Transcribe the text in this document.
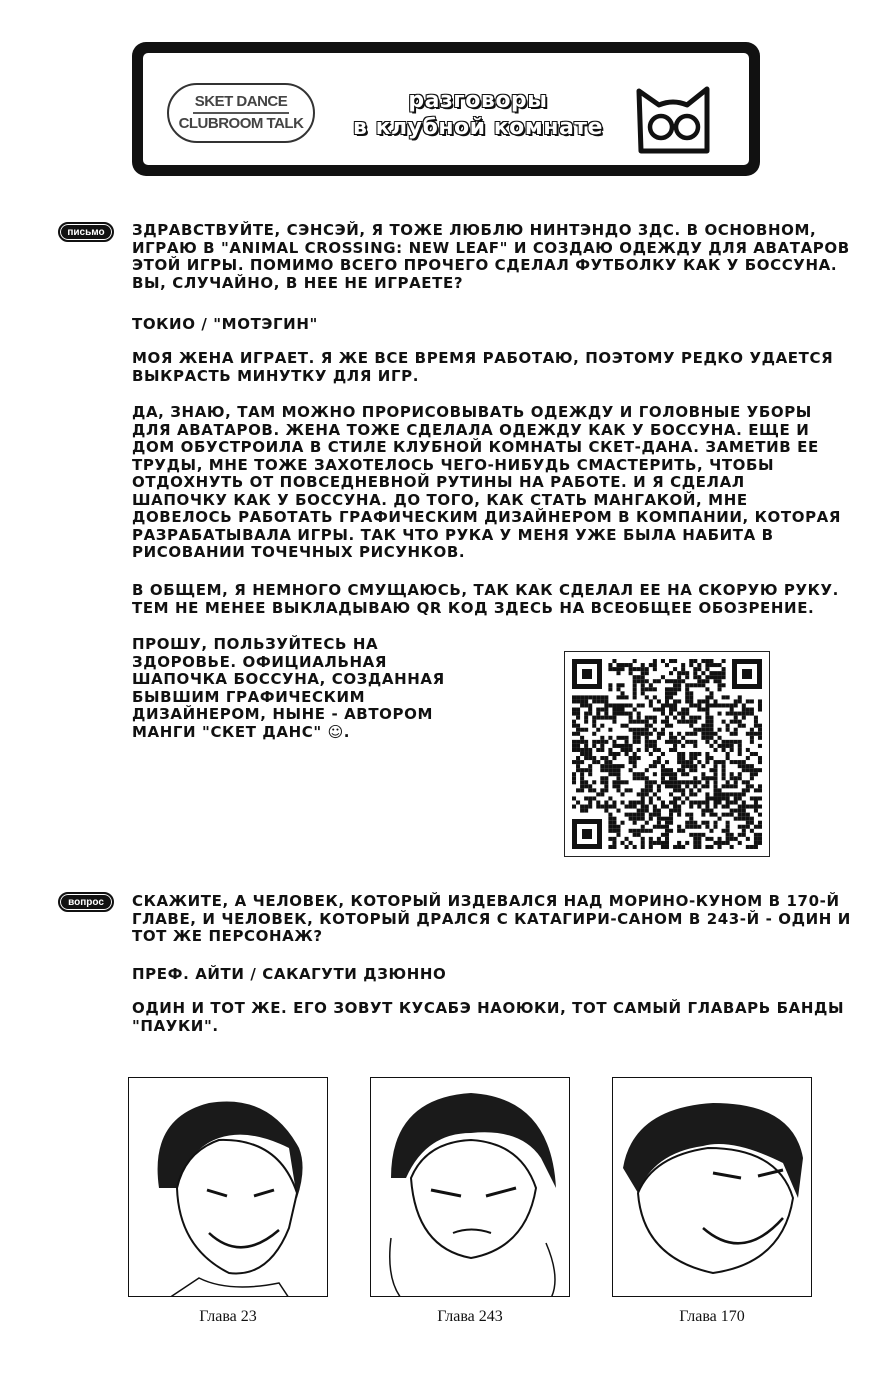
SKET DANCE
CLUBROOM TALK
разговоры
в клубной комнате
письмо	ЗДРАВСТВУЙТЕ, СЭНСЭЙ, Я ТОЖЕ ЛЮБЛЮ НИНТЭНДО 3ДС. В ОСНОВНОМ, ИГРАЮ В "ANIMAL CROSSING: NEW LEAF" И СОЗДАЮ ОДЕЖДУ ДЛЯ АВАТАРОВ ЭТОЙ ИГРЫ. ПОМИМО ВСЕГО ПРОЧЕГО СДЕЛАЛ ФУТБОЛКУ КАК У БОССУНА. ВЫ, СЛУЧАЙНО, В НЕЕ НЕ ИГРАЕТЕ?

ТОКИО / "МОТЭГИН"

МОЯ ЖЕНА ИГРАЕТ. Я ЖЕ ВСЕ ВРЕМЯ РАБОТАЮ, ПОЭТОМУ РЕДКО УДАЕТСЯ ВЫКРАСТЬ МИНУТКУ ДЛЯ ИГР.

ДА, ЗНАЮ, ТАМ МОЖНО ПРОРИСОВЫВАТЬ ОДЕЖДУ И ГОЛОВНЫЕ УБОРЫ ДЛЯ АВАТАРОВ. ЖЕНА ТОЖЕ СДЕЛАЛА ОДЕЖДУ КАК У БОССУНА. ЕЩЕ И ДОМ ОБУСТРОИЛА В СТИЛЕ КЛУБНОЙ КОМНАТЫ СКЕТ-ДАНA. ЗАМЕТИВ ЕЕ ТРУДЫ, МНЕ ТОЖЕ ЗАХОТЕЛОСЬ ЧЕГО-НИБУДЬ СМАСТЕРИТЬ, ЧТОБЫ ОТДОХНУТЬ ОТ ПОВСЕДНЕВНОЙ РУТИНЫ НА РАБОТЕ. И Я СДЕЛАЛ ШАПОЧКУ КАК У БОССУНА. ДО ТОГО, КАК СТАТЬ МАНГАКОЙ, МНЕ ДОВЕЛОСЬ РАБОТАТЬ ГРАФИЧЕСКИМ ДИЗАЙНЕРОМ В КОМПАНИИ, КОТОРАЯ РАЗРАБАТЫВАЛА ИГРЫ. ТАК ЧТО РУКА У МЕНЯ УЖЕ БЫЛА НАБИТА В РИСОВАНИИ ТОЧЕЧНЫХ РИСУНКОВ.

В ОБЩЕМ, Я НЕМНОГО СМУЩАЮСЬ, ТАК КАК СДЕЛАЛ ЕЕ НА СКОРУЮ РУКУ. ТЕМ НЕ МЕНЕЕ ВЫКЛАДЫВАЮ QR КОД ЗДЕСЬ НА ВСЕОБЩЕЕ ОБОЗРЕНИЕ.

ПРОШУ, ПОЛЬЗУЙТЕСЬ НА ЗДОРОВЬЕ. ОФИЦИАЛЬНАЯ ШАПОЧКА БОССУНА, СОЗДАННАЯ БЫВШИМ ГРАФИЧЕСКИМ ДИЗАЙНЕРОМ, НЫНЕ - АВТОРОМ МАНГИ "СКЕТ ДАНС" ☺.

вопрос	СКАЖИТЕ, А ЧЕЛОВЕК, КОТОРЫЙ ИЗДЕВАЛСЯ НАД МОРИНО-КУНОМ В 170-Й ГЛАВЕ, И ЧЕЛОВЕК, КОТОРЫЙ ДРАЛСЯ С КАТАГИРИ-САНОМ В 243-Й - ОДИН И ТОТ ЖЕ ПЕРСОНАЖ?

ПРЕФ. АЙТИ / САКАГУТИ ДЗЮННО

ОДИН И ТОТ ЖЕ. ЕГО ЗОВУТ КУСАБЭ НАОЮКИ, ТОТ САМЫЙ ГЛАВАРЬ БАНДЫ "ПАУКИ".

Глава 23	Глава 243	Глава 170
